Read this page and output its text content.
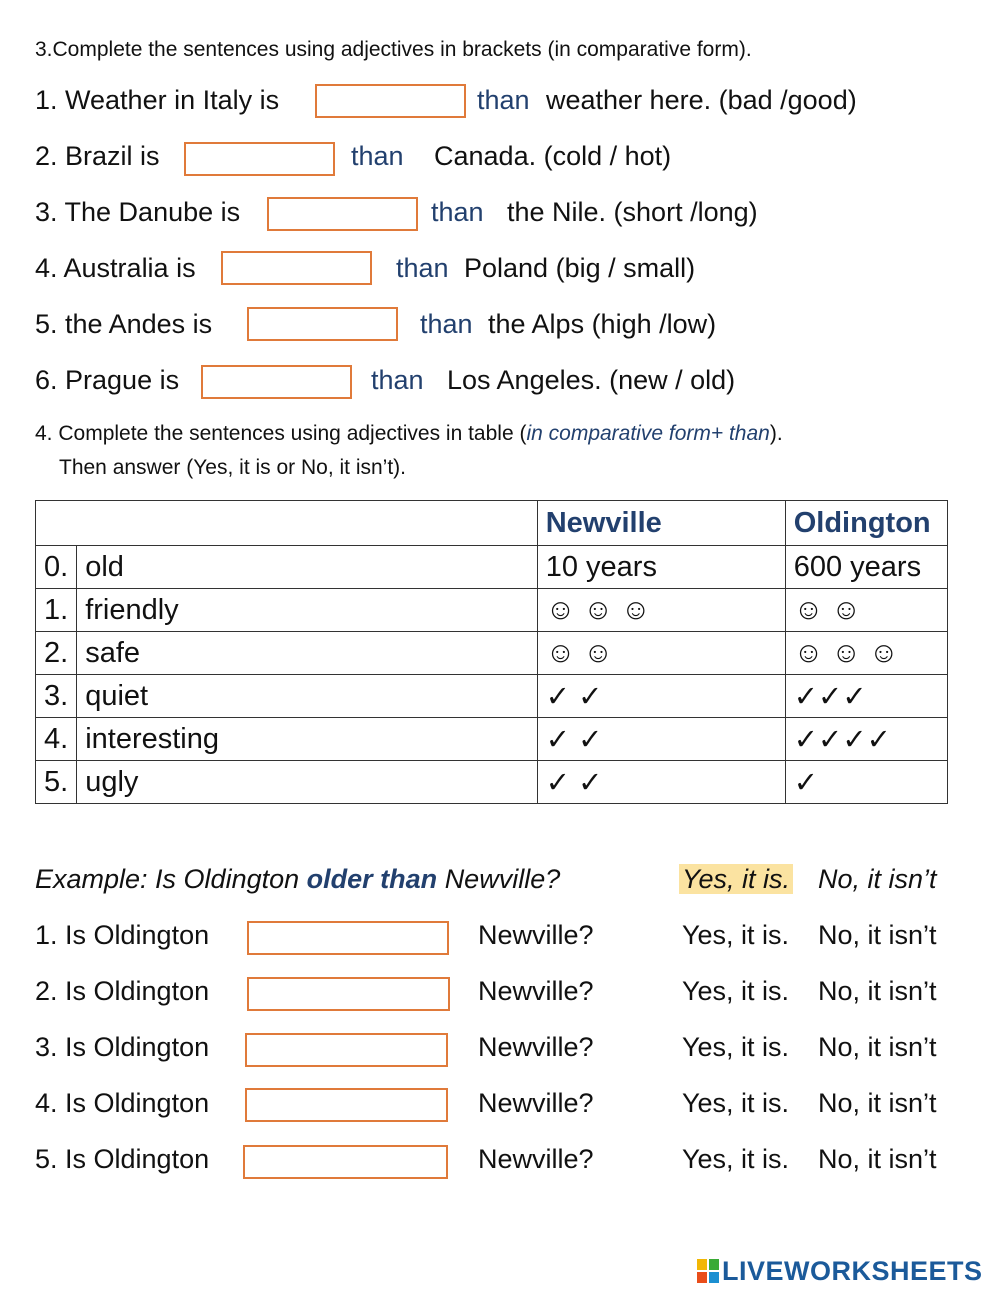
3.Complete the sentences using adjectives in brackets (in comparative form).
1. Weather in Italy is	than weather here. (bad /good)
2. Brazil is	than Canada. (cold / hot)
3. The Danube is	than the Nile. (short /long)
4. Australia is	than Poland (big / small)
5. the Andes is	than the Alps (high /low)
6. Prague is	than Los Angeles. (new / old)
4. Complete the sentences using adjectives in table (in comparative form+ than).
Then answer (Yes, it is or No, it isn’t).
		Newville	Oldington
0.	old	10 years	600 years
1.	friendly	☺ ☺ ☺	☺ ☺
2.	safe	☺ ☺	☺ ☺ ☺
3.	quiet	✓ ✓	✓✓✓
4.	interesting	✓ ✓	✓✓✓✓
5.	ugly	✓ ✓	✓
Example: Is Oldington older than Newville?	Yes, it is. No, it isn’t
1. Is Oldington	Newville?	Yes, it is. No, it isn’t
2. Is Oldington	Newville?	Yes, it is. No, it isn’t
3. Is Oldington	Newville?	Yes, it is. No, it isn’t
4. Is Oldington	Newville?	Yes, it is. No, it isn’t
5. Is Oldington	Newville?	Yes, it is. No, it isn’t
LIVEWORKSHEETS
